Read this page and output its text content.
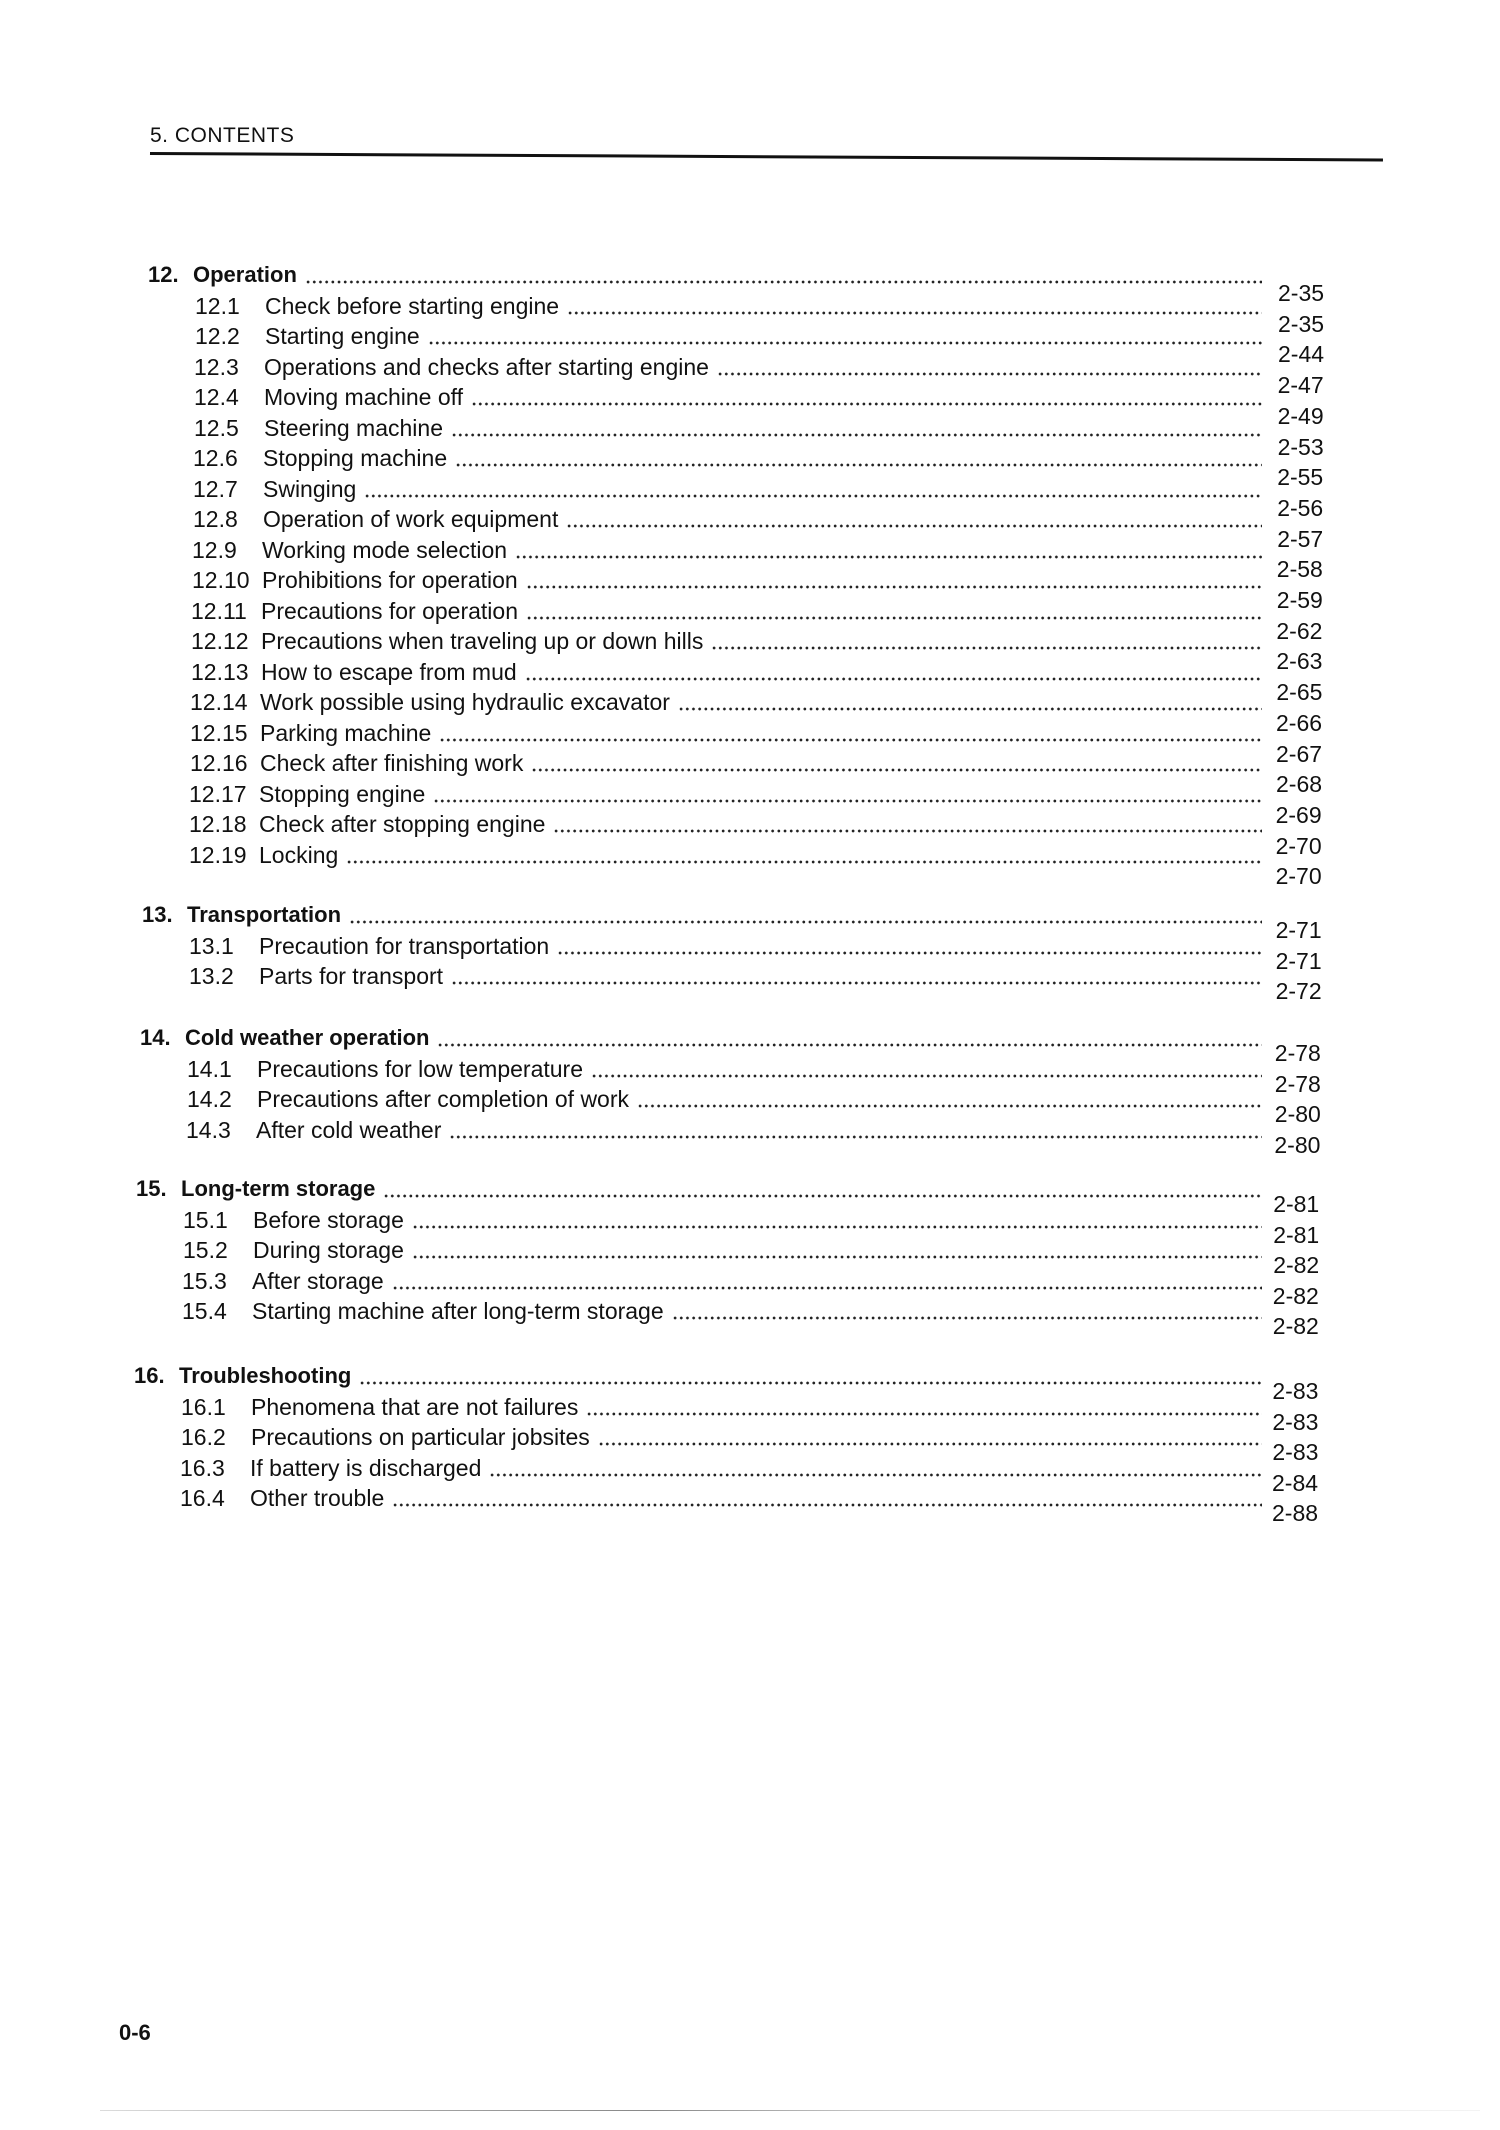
5. CONTENTS
12. Operation
2-35
12.1 Check before starting engine
2-35
12.2 Starting engine
2-44
12.3 Operations and checks after starting engine
2-47
12.4 Moving machine off
2-49
12.5 Steering machine
2-53
12.6 Stopping machine
2-55
12.7 Swinging
2-56
12.8 Operation of work equipment
2-57
12.9 Working mode selection
2-58
12.10 Prohibitions for operation
2-59
12.11 Precautions for operation
2-62
12.12 Precautions when traveling up or down hills
2-63
12.13 How to escape from mud
2-65
12.14 Work possible using hydraulic excavator
2-66
12.15 Parking machine
2-67
12.16 Check after finishing work
2-68
12.17 Stopping engine
2-69
12.18 Check after stopping engine
2-70
12.19 Locking
2-70
13. Transportation
2-71
13.1 Precaution for transportation
2-71
13.2 Parts for transport
2-72
14. Cold weather operation
2-78
14.1 Precautions for low temperature
2-78
14.2 Precautions after completion of work
2-80
14.3 After cold weather
2-80
15. Long-term storage
2-81
15.1 Before storage
2-81
15.2 During storage
2-82
15.3 After storage
2-82
15.4 Starting machine after long-term storage
2-82
16. Troubleshooting
2-83
16.1 Phenomena that are not failures
2-83
16.2 Precautions on particular jobsites
2-83
16.3 If battery is discharged
2-84
16.4 Other trouble
2-88
0-6
